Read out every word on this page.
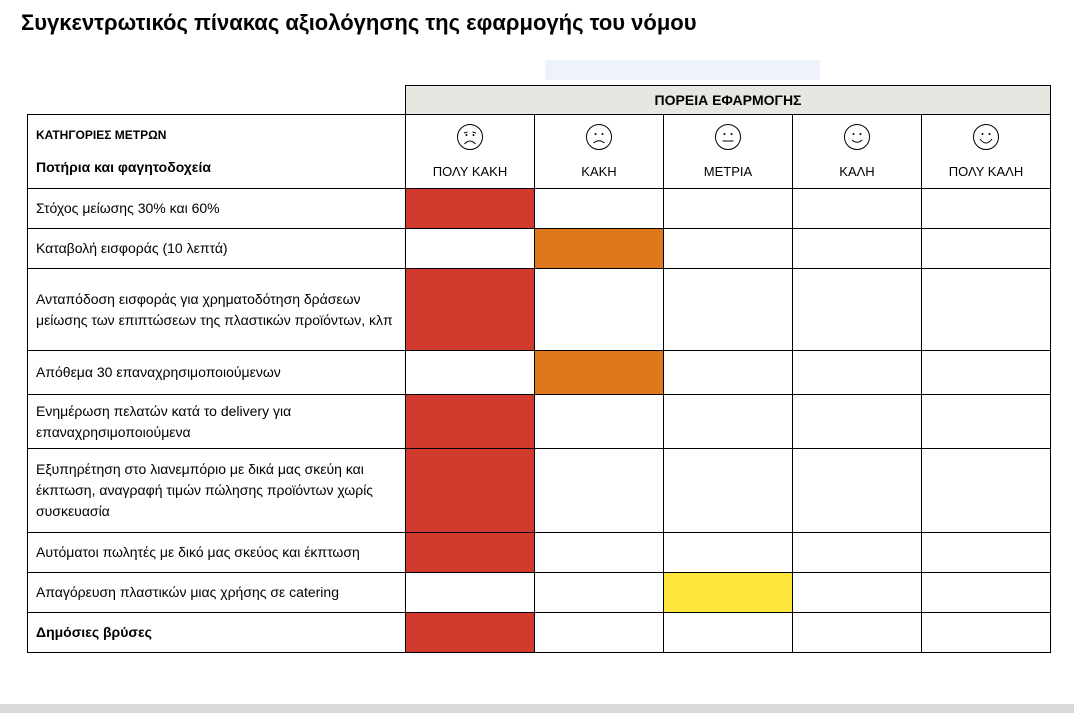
Συγκεντρωτικός πίνακας αξιολόγησης της εφαρμογής του νόμου
	ΠΟΡΕΙΑ ΕΦΑΡΜΟΓΗΣ				

ΚΑΤΗΓΟΡΙΕΣ ΜΕΤΡΩΝ
Ποτήρια και φαγητοδοχεία	ΠΟΛΥ ΚΑΚΗ	ΚΑΚΗ	ΜΕΤΡΙΑ	ΚΑΛΗ	ΠΟΛΥ ΚΑΛΗ

Στόχος μείωσης 30% και 60%					
Καταβολή εισφοράς (10 λεπτά)					
Ανταπόδοση εισφοράς για χρηματοδότηση δράσεων μείωσης των επιπτώσεων της πλαστικών προϊόντων, κλπ					
Απόθεμα 30 επαναχρησιμοποιούμενων					
Ενημέρωση πελατών κατά το delivery για επαναχρησιμοποιούμενα					
Εξυπηρέτηση στο λιανεμπόριο με δικά μας σκεύη και έκπτωση, αναγραφή τιμών πώλησης προϊόντων χωρίς συσκευασία					
Αυτόματοι πωλητές με δικό μας σκεύος και έκπτωση					
Απαγόρευση πλαστικών μιας χρήσης σε catering					
Δημόσιες βρύσες					
